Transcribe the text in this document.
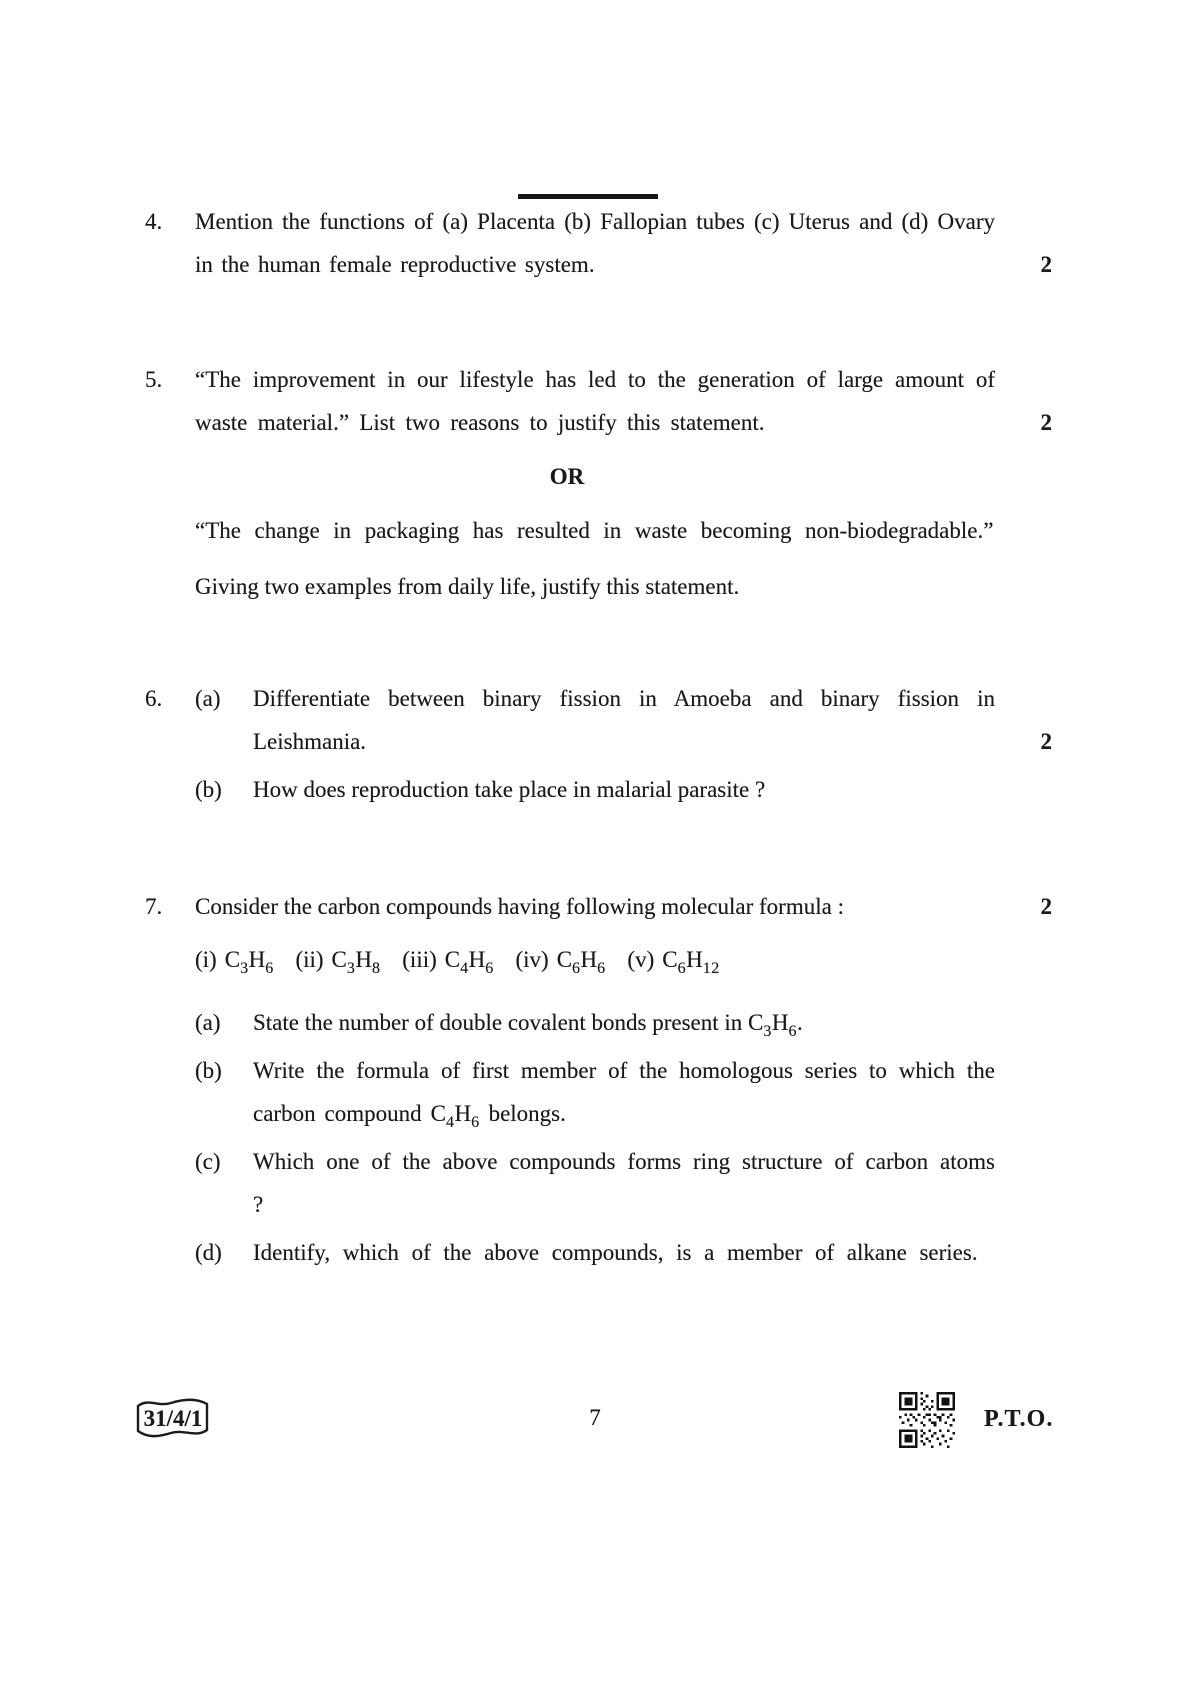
4.	Mention the functions of (a) Placenta (b) Fallopian tubes (c) Uterus and (d) Ovary in the human female reproductive system.	2
5.	“The improvement in our lifestyle has led to the generation of large amount of waste material.” List two reasons to justify this statement.

OR

“The change in packaging has resulted in waste becoming non-biodegradable.”

Giving two examples from daily life, justify this statement.

2
6.	(a)	Differentiate between binary fission in Amoeba and binary fission in Leishmania.

(b)	How does reproduction take place in malarial parasite ?

2
7.	Consider the carbon compounds having following molecular formula :

(i) $C_3H_6$ (ii) $C_3H_8$ (iii) $C_4H_6$ (iv) $C_6H_6$ (v) $C_6H_{12}$

(a)	State the number of double covalent bonds present in $C_3H_6$.

(b)	Write the formula of first member of the homologous series to which the carbon compound $C_4H_6$ belongs.

(c)	Which one of the above compounds forms ring structure of carbon atoms ?

(d)	Identify, which of the above compounds, is a member of alkane series.

2
31/4/1	7	P.T.O.
